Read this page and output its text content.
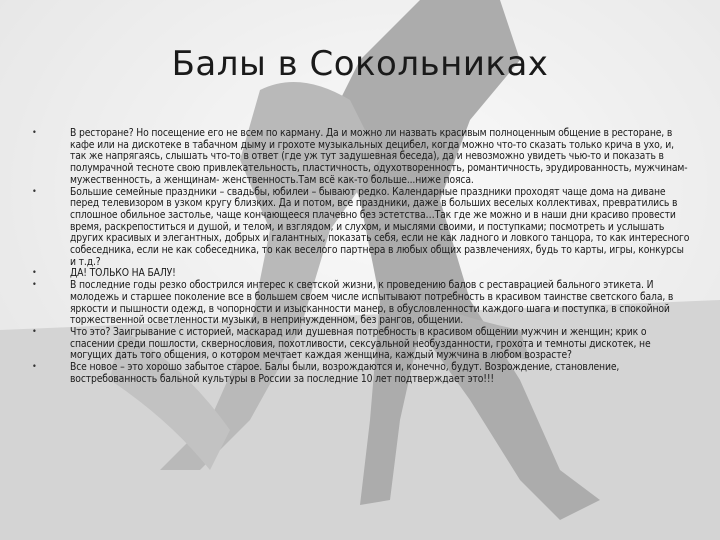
Балы в Сокольниках
•	В ресторане? Но посещение его не всем по карману. Да и можно ли назвать красивым полноценным общение в ресторане, в кафе или на дискотеке в табачном дыму и грохоте музыкальных децибел, когда можно что-то сказать только крича в ухо, и, так же напрягаясь, слышать что-то в ответ (где уж тут задушевная беседа), да и невозможно увидеть чью-то и показать в полумрачной тесноте свою привлекательность, пластичность, одухотворенность, романтичность, эрудированность, мужчинам- мужественность, а женщинам- женственность.Там всё как-то больше...ниже пояса.
•	Большие семейные праздники – свадьбы, юбилеи – бывают редко. Календарные праздники проходят чаще дома на диване перед телевизором в узком кругу близких. Да и потом, все праздники, даже в больших веселых коллективах, превратились в сплошное обильное застолье, чаще кончающееся плачевно без эстетства…Так где же можно и в наши дни красиво провести время, раскрепоститься и душой, и телом, и взглядом, и слухом, и мыслями своими, и поступками; посмотреть и услышать других красивых и элегантных, добрых и галантных, показать себя, если не как ладного и ловкого танцора, то как интересного собеседника, если не как собеседника, то как веселого партнера в любых общих развлечениях, будь то карты, игры, конкурсы и т.д.?
•	ДА! ТОЛЬКО НА БАЛУ!
•	В последние годы резко обострился интерес к светской жизни, к проведению балов с реставрацией бального этикета. И молодежь и старшее поколение все в большем своем числе испытывают потребность в красивом таинстве светского бала, в яркости и пышности одежд, в чопорности и изысканности манер, в обусловленности каждого шага и поступка, в спокойной торжественной осветленности музыки, в непринужденном, без рангов, общении.
•	Что это? Заигрывание с историей, маскарад или душевная потребность в красивом общении мужчин и женщин; крик о спасении среди пошлости, сквернословия, похотливости, сексуальной необузданности, грохота и темноты дискотек, не могущих дать того общения, о котором мечтает каждая женщина, каждый мужчина в любом возрасте?
•	Все новое – это хорошо забытое старое. Балы были, возрождаются и, конечно, будут. Возрождение, становление, востребованность бальной культуры в России за последние 10 лет подтверждает это!!!
